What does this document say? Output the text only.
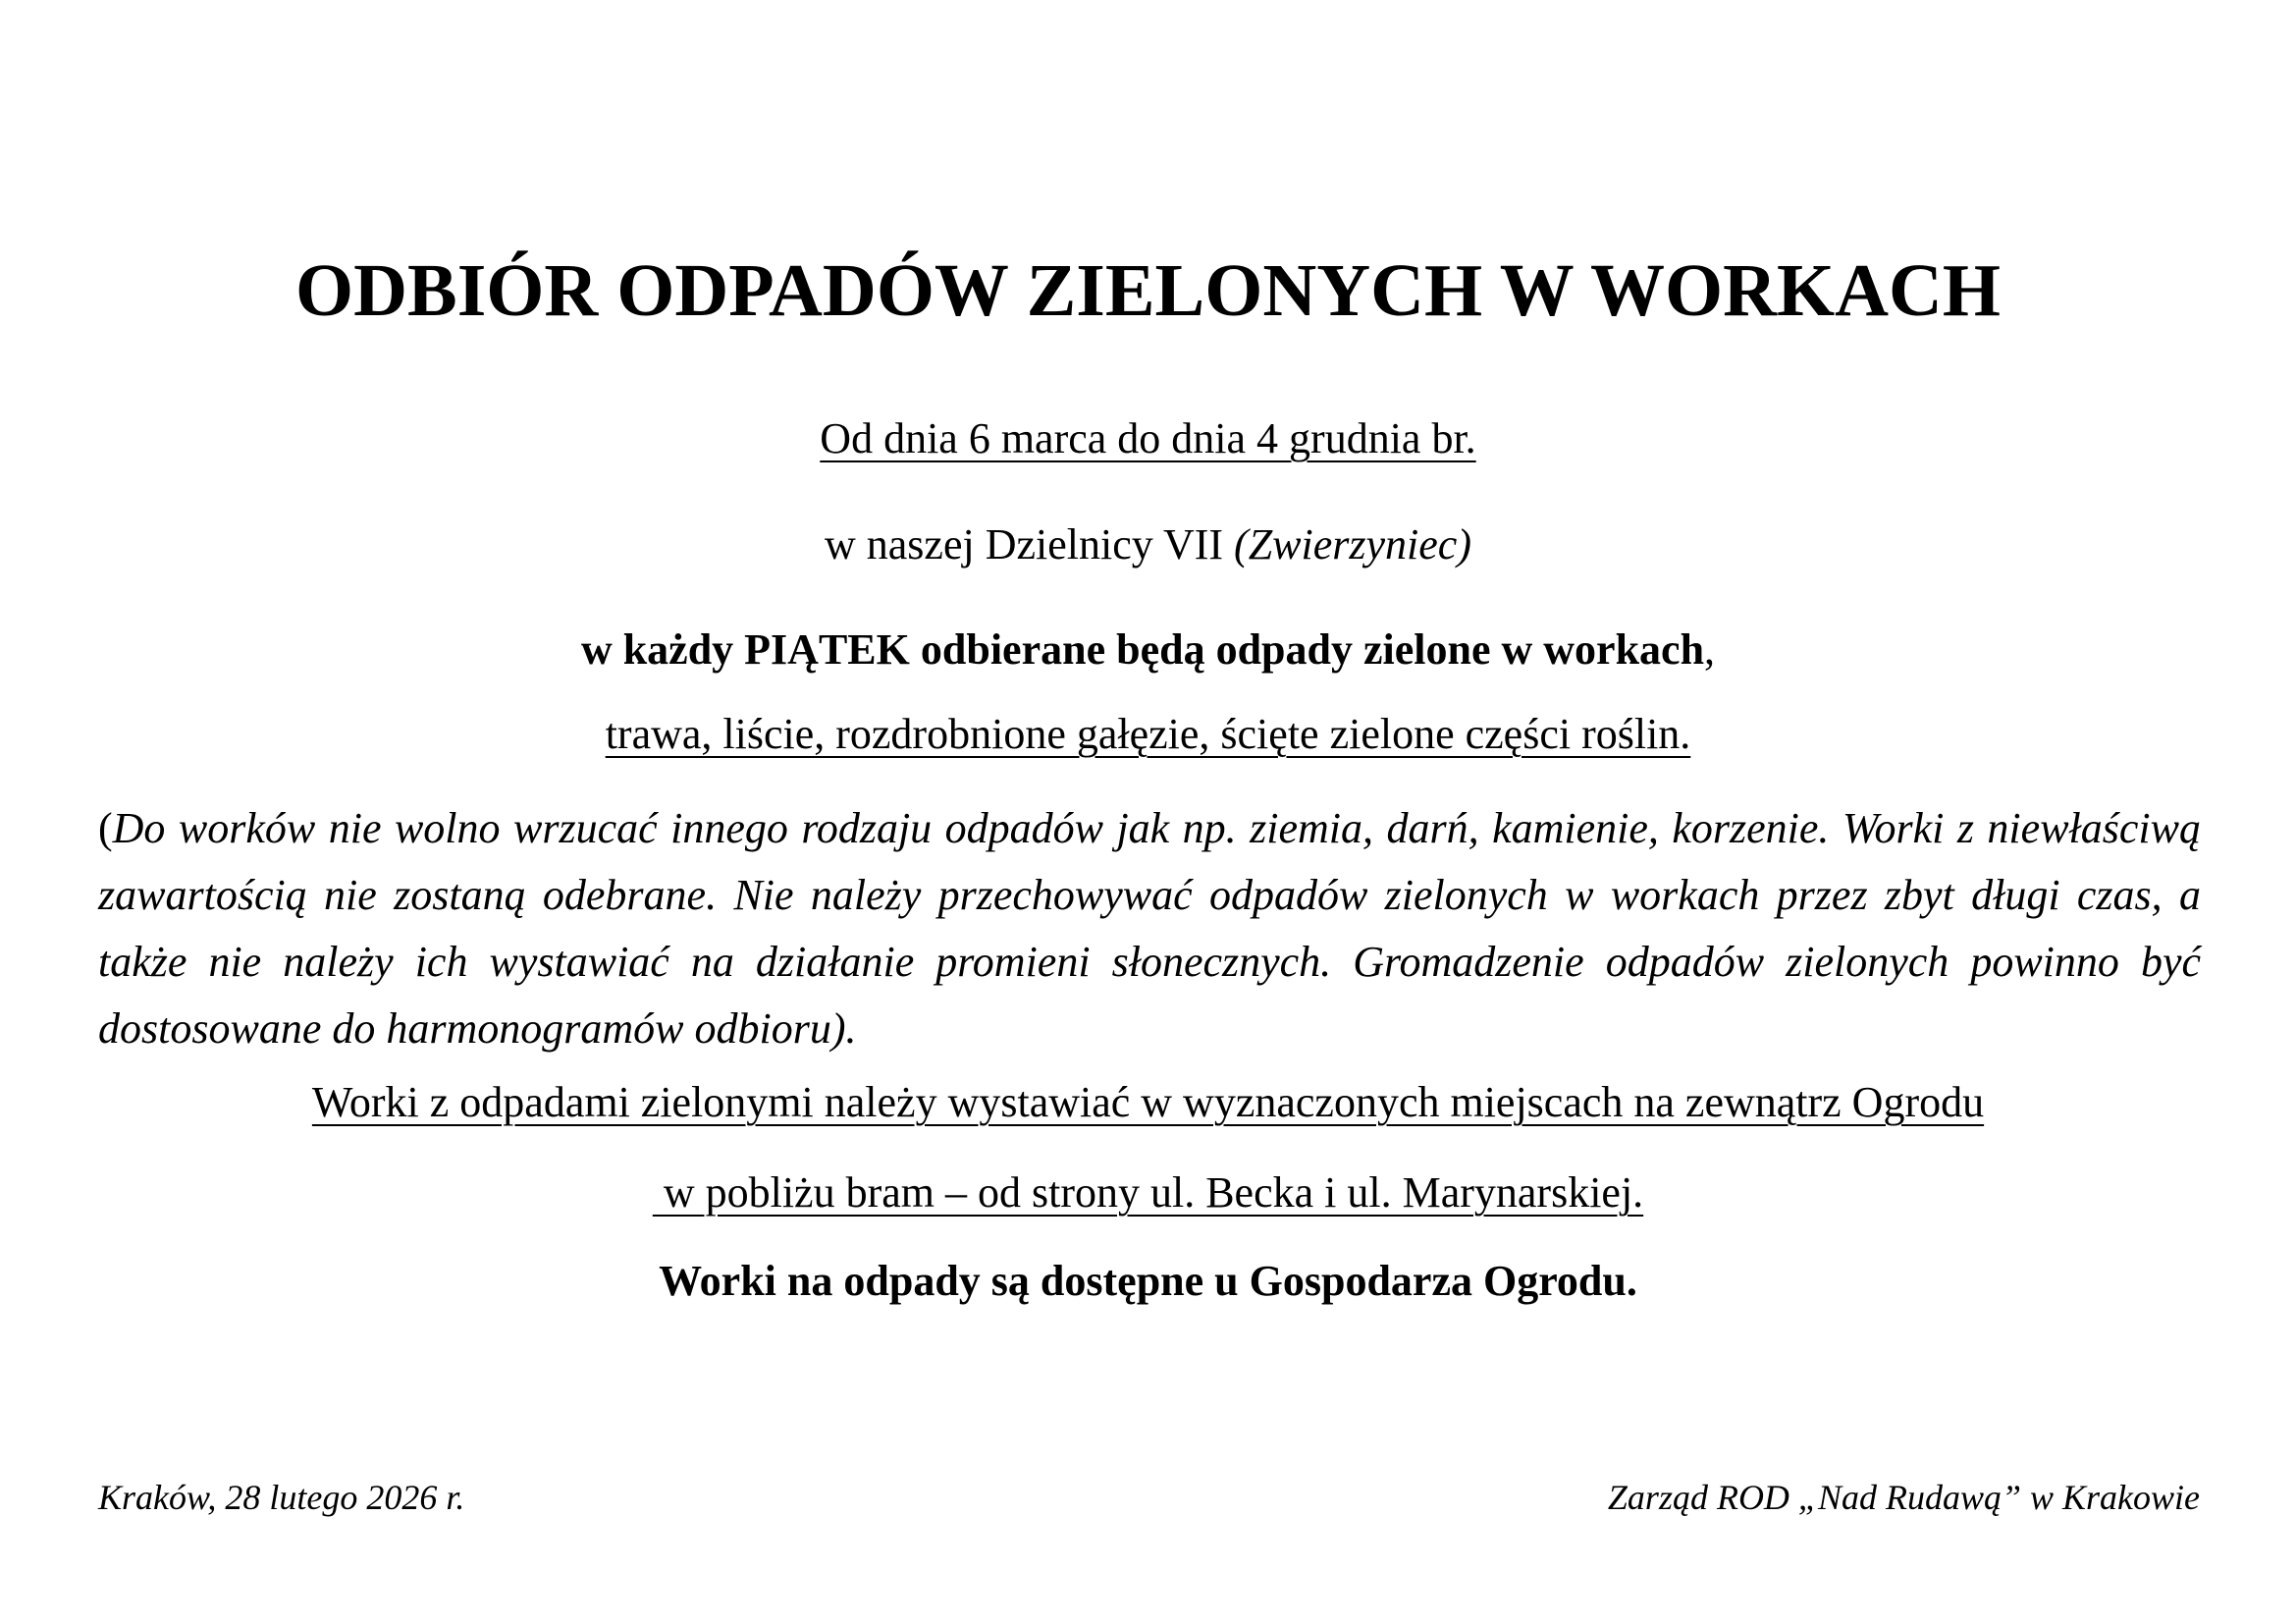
ODBIÓR ODPADÓW ZIELONYCH W WORKACH
Od dnia 6 marca do dnia 4 grudnia br.
w naszej Dzielnicy VII (Zwierzyniec)
w każdy PIĄTEK odbierane będą odpady zielone w workach,
trawa, liście, rozdrobnione gałęzie, ścięte zielone części roślin.
(Do worków nie wolno wrzucać innego rodzaju odpadów jak np. ziemia, darń, kamienie, korzenie. Worki z niewłaściwą zawartością nie zostaną odebrane. Nie należy przechowywać odpadów zielonych w workach przez zbyt długi czas, a także nie należy ich wystawiać na działanie promieni słonecznych. Gromadzenie odpadów zielonych powinno być dostosowane do harmonogramów odbioru).
Worki z odpadami zielonymi należy wystawiać w wyznaczonych miejscach na zewnątrz Ogrodu
w pobliżu bram – od strony ul. Becka i ul. Marynarskiej.
Worki na odpady są dostępne u Gospodarza Ogrodu.
Kraków, 28 lutego 2026 r.	Zarząd ROD „Nad Rudawą” w Krakowie
